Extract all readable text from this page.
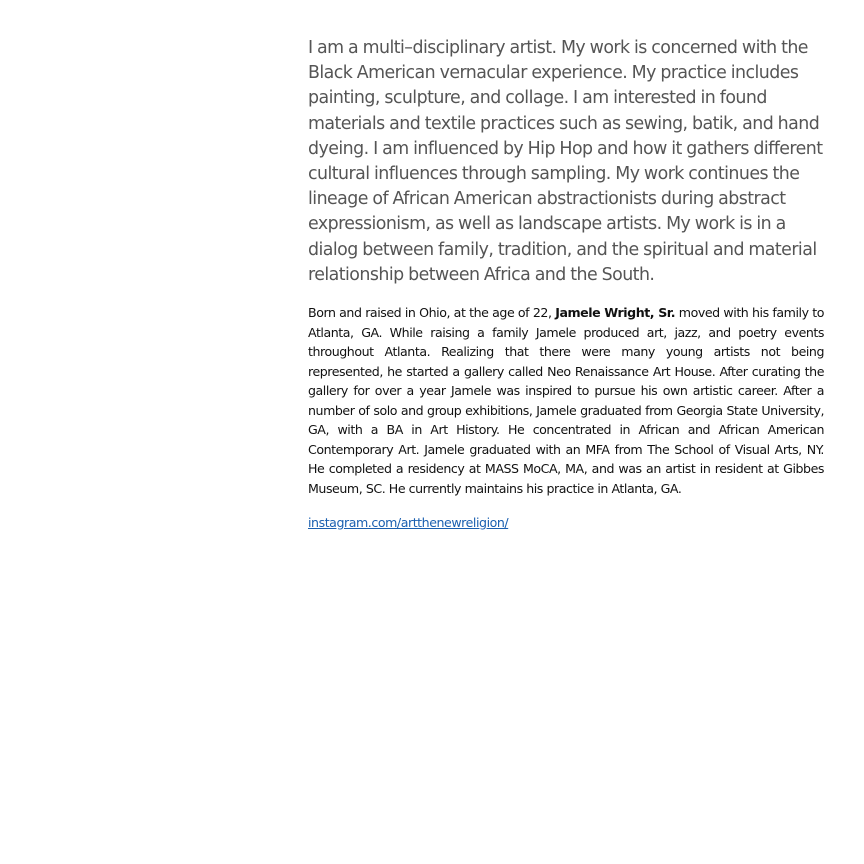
I am a multi–disciplinary artist. My work is concerned with the
Black American vernacular experience. My practice includes
painting, sculpture, and collage. I am interested in found
materials and textile practices such as sewing, batik, and hand
dyeing. I am influenced by Hip Hop and how it gathers different
cultural influences through sampling. My work continues the
lineage of African American abstractionists during abstract
expressionism, as well as landscape artists. My work is in a
dialog between family, tradition, and the spiritual and material
relationship between Africa and the South.

Born and raised in Ohio, at the age of 22, Jamele Wright, Sr. moved with his family to Atlanta, GA. While raising a family Jamele produced art, jazz, and poetry events throughout Atlanta. Realizing that there were many young artists not being represented, he started a gallery called Neo Renaissance Art House. After curating the gallery for over a year Jamele was inspired to pursue his own artistic career. After a number of solo and group exhibitions, Jamele graduated from Georgia State University, GA, with a BA in Art History. He concentrated in African and African American Contemporary Art. Jamele graduated with an MFA from The School of Visual Arts, NY. He completed a residency at MASS MoCA, MA, and was an artist in resident at Gibbes Museum, SC. He currently maintains his practice in Atlanta, GA.

instagram.com/artthenewreligion/
